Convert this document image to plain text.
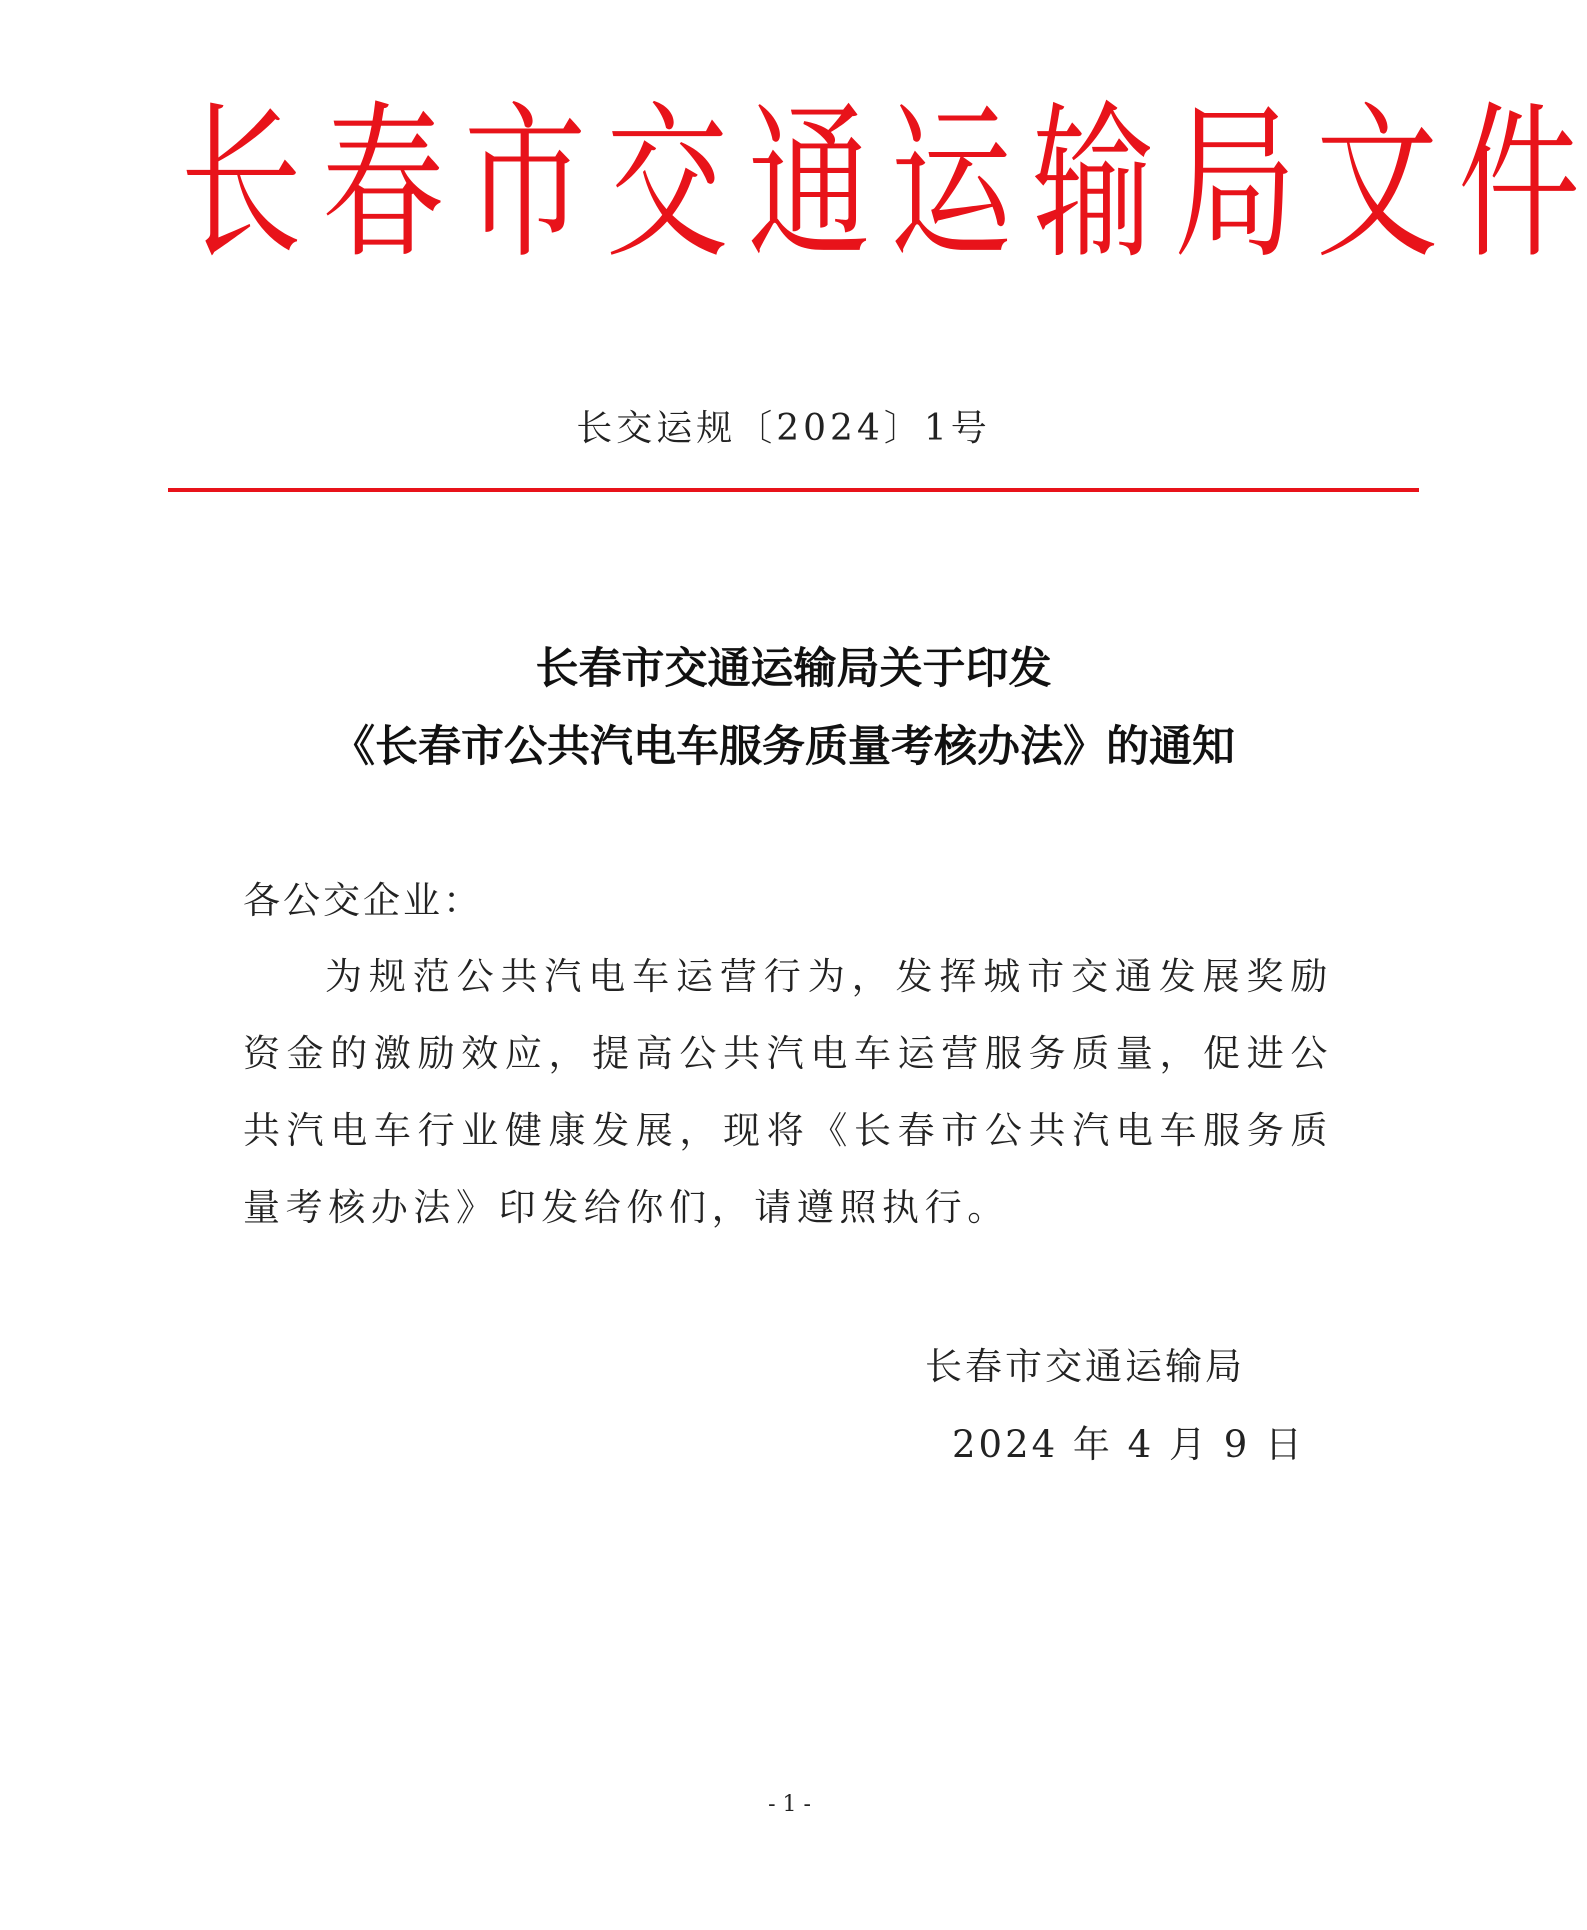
长 春 市 交 通 运 输 局 文 件
长交运规〔2024〕1号
长春市交通运输局关于印发
《长春市公共汽电车服务质量考核办法》的通知
各公交企业：
为规范公共汽电车运营行为，发挥城市交通发展奖励资金的激励效应，提高公共汽电车运营服务质量，促进公共汽电车行业健康发展，现将《长春市公共汽电车服务质量考核办法》印发给你们，请遵照执行。
长春市交通运输局
2024 年 4 月 9 日
- 1 -
